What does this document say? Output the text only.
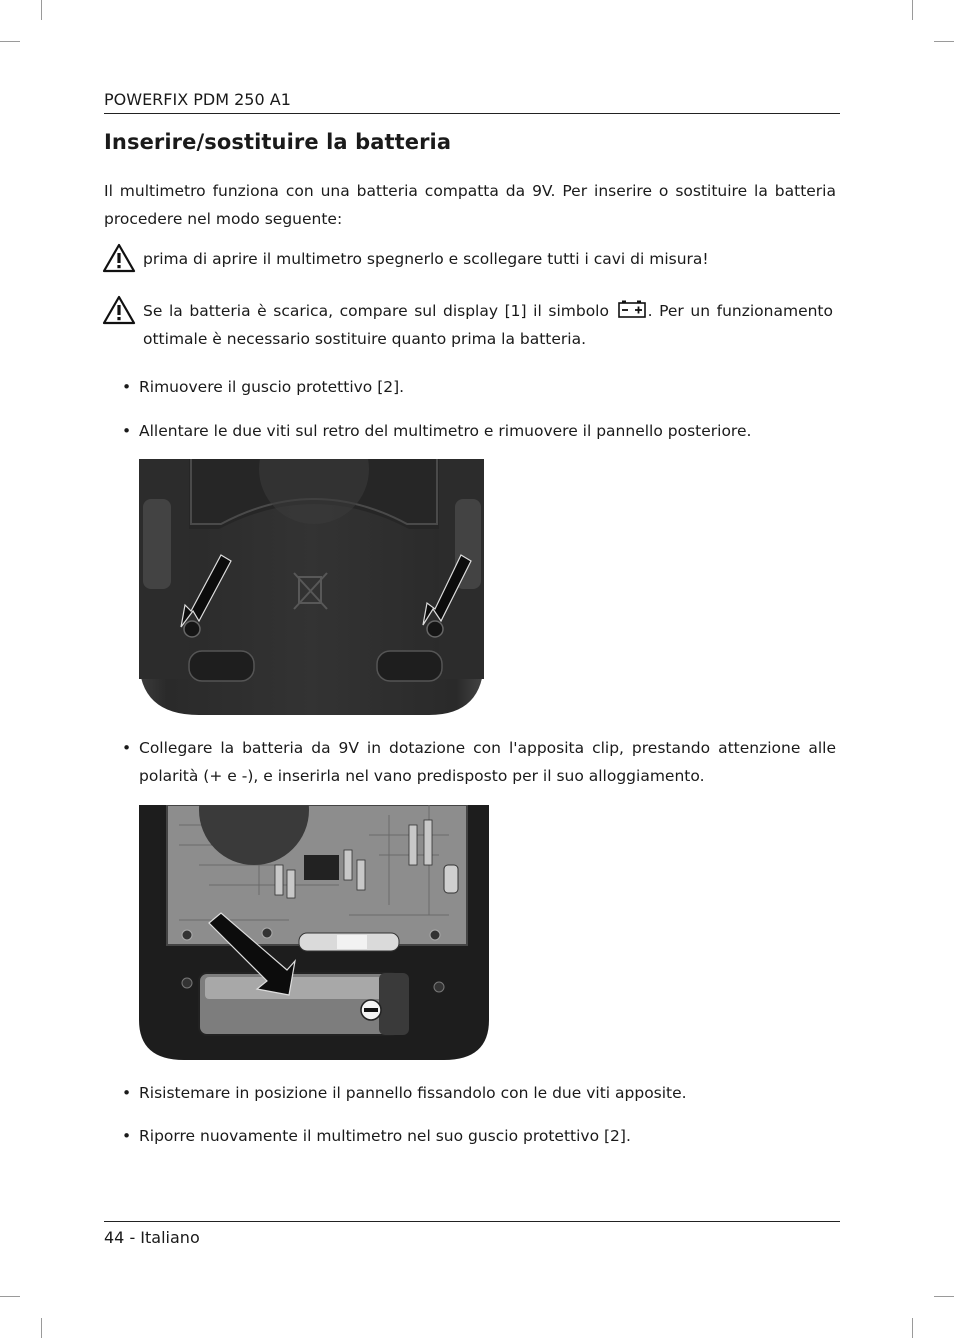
POWERFIX PDM 250 A1
Inserire/sostituire la batteria

Il multimetro funziona con una batteria compatta da 9V. Per inserire o sostituire la batteria procedere nel modo seguente:

prima di aprire il multimetro spegnerlo e scollegare tutti i cavi di misura!

Se la batteria è scarica, compare sul display [1] il simbolo . Per un funzionamento ottimale è necessario sostituire quanto prima la batteria.

• Rimuovere il guscio protettivo [2].

• Allentare le due viti sul retro del multimetro e rimuovere il pannello posteriore.

• Collegare la batteria da 9V in dotazione con l'apposita clip, prestando attenzione alle polarità (+ e -), e inserirla nel vano predisposto per il suo alloggiamento.

• Risistemare in posizione il pannello fissandolo con le due viti apposite.

• Riporre nuovamente il multimetro nel suo guscio protettivo [2].

44 - Italiano
